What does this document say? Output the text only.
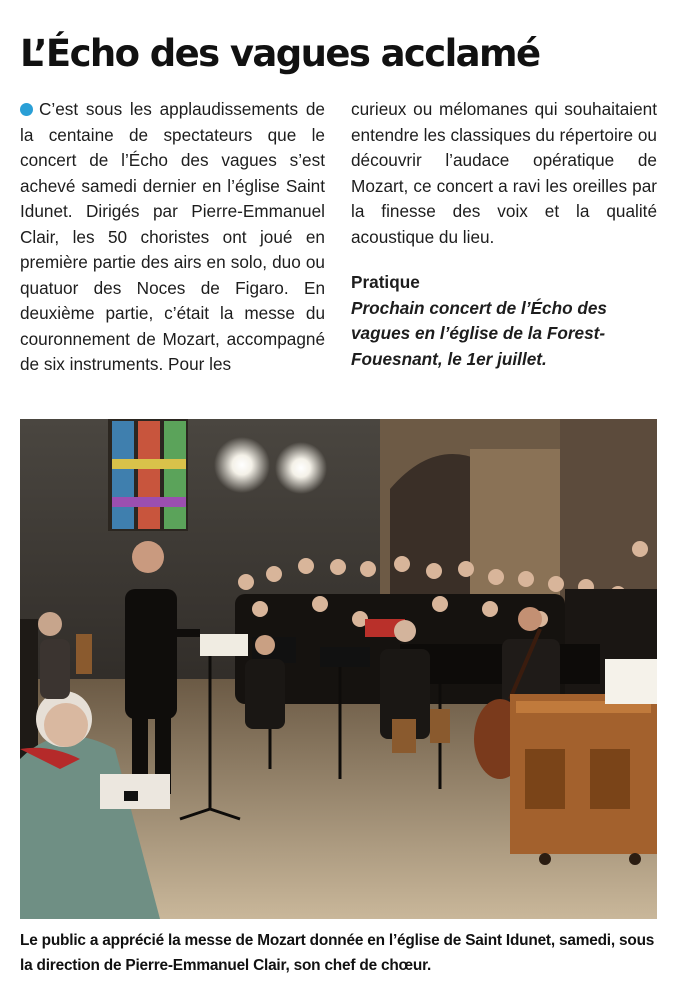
L’Écho des vagues acclamé

C’est sous les applaudissements de la centaine de spectateurs que le concert de l’Écho des vagues s’est achevé samedi dernier en l’église Saint Idunet. Dirigés par Pierre-Emmanuel Clair, les 50 choristes ont joué en première partie des airs en solo, duo ou quatuor des Noces de Figaro. En deuxième partie, c’était la messe du couronnement de Mozart, accompagné de six instruments. Pour les

curieux ou mélomanes qui souhaitaient entendre les classiques du répertoire ou découvrir l’audace opératique de Mozart, ce concert a ravi les oreilles par la finesse des voix et la qualité acoustique du lieu.

Pratique

Prochain concert de l’Écho des vagues en l’église de la Forest-Fouesnant, le 1er juillet.

Le public a apprécié la messe de Mozart donnée en l’église de Saint Idunet, samedi, sous la direction de Pierre-Emmanuel Clair, son chef de chœur.
